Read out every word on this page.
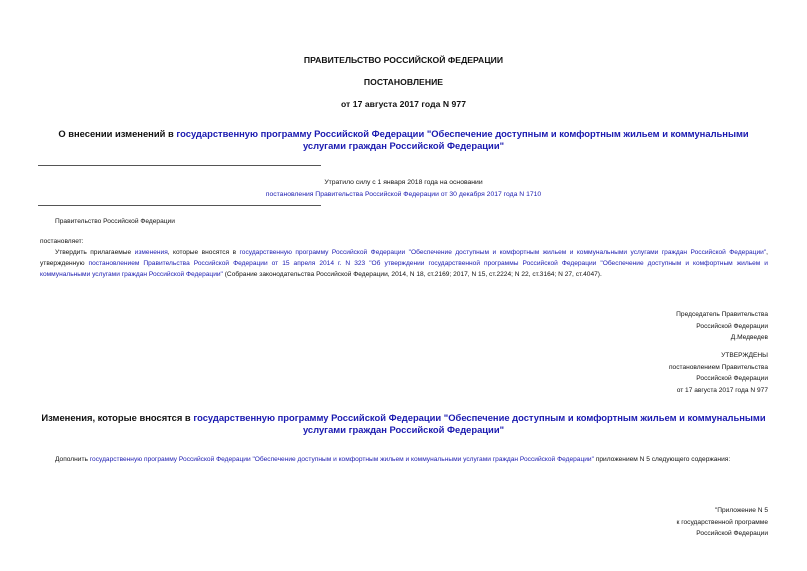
ПРАВИТЕЛЬСТВО РОССИЙСКОЙ ФЕДЕРАЦИИ
ПОСТАНОВЛЕНИЕ
от 17 августа 2017 года N 977
О внесении изменений в государственную программу Российской Федерации "Обеспечение доступным и комфортным жильем и коммунальными услугами граждан Российской Федерации"
Утратило силу с 1 января 2018 года на основании
постановления Правительства Российской Федерации от 30 декабря 2017 года N 1710
Правительство Российской Федерации
постановляет:
Утвердить прилагаемые изменения, которые вносятся в государственную программу Российской Федерации "Обеспечение доступным и комфортным жильем и коммунальными услугами граждан Российской Федерации", утвержденную постановлением Правительства Российской Федерации от 15 апреля 2014 г. N 323 "Об утверждении государственной программы Российской Федерации "Обеспечение доступным и комфортным жильем и коммунальными услугами граждан Российской Федерации" (Собрание законодательства Российской Федерации, 2014, N 18, ст.2169; 2017, N 15, ст.2224; N 22, ст.3164; N 27, ст.4047).
Председатель Правительства
Российской Федерации
Д.Медведев
УТВЕРЖДЕНЫ
постановлением Правительства
Российской Федерации
от 17 августа 2017 года N 977
Изменения, которые вносятся в государственную программу Российской Федерации "Обеспечение доступным и комфортным жильем и коммунальными услугами граждан Российской Федерации"
Дополнить государственную программу Российской Федерации "Обеспечение доступным и комфортным жильем и коммунальными услугами граждан Российской Федерации" приложением N 5 следующего содержания:
"Приложение N 5
к государственной программе
Российской Федерации
